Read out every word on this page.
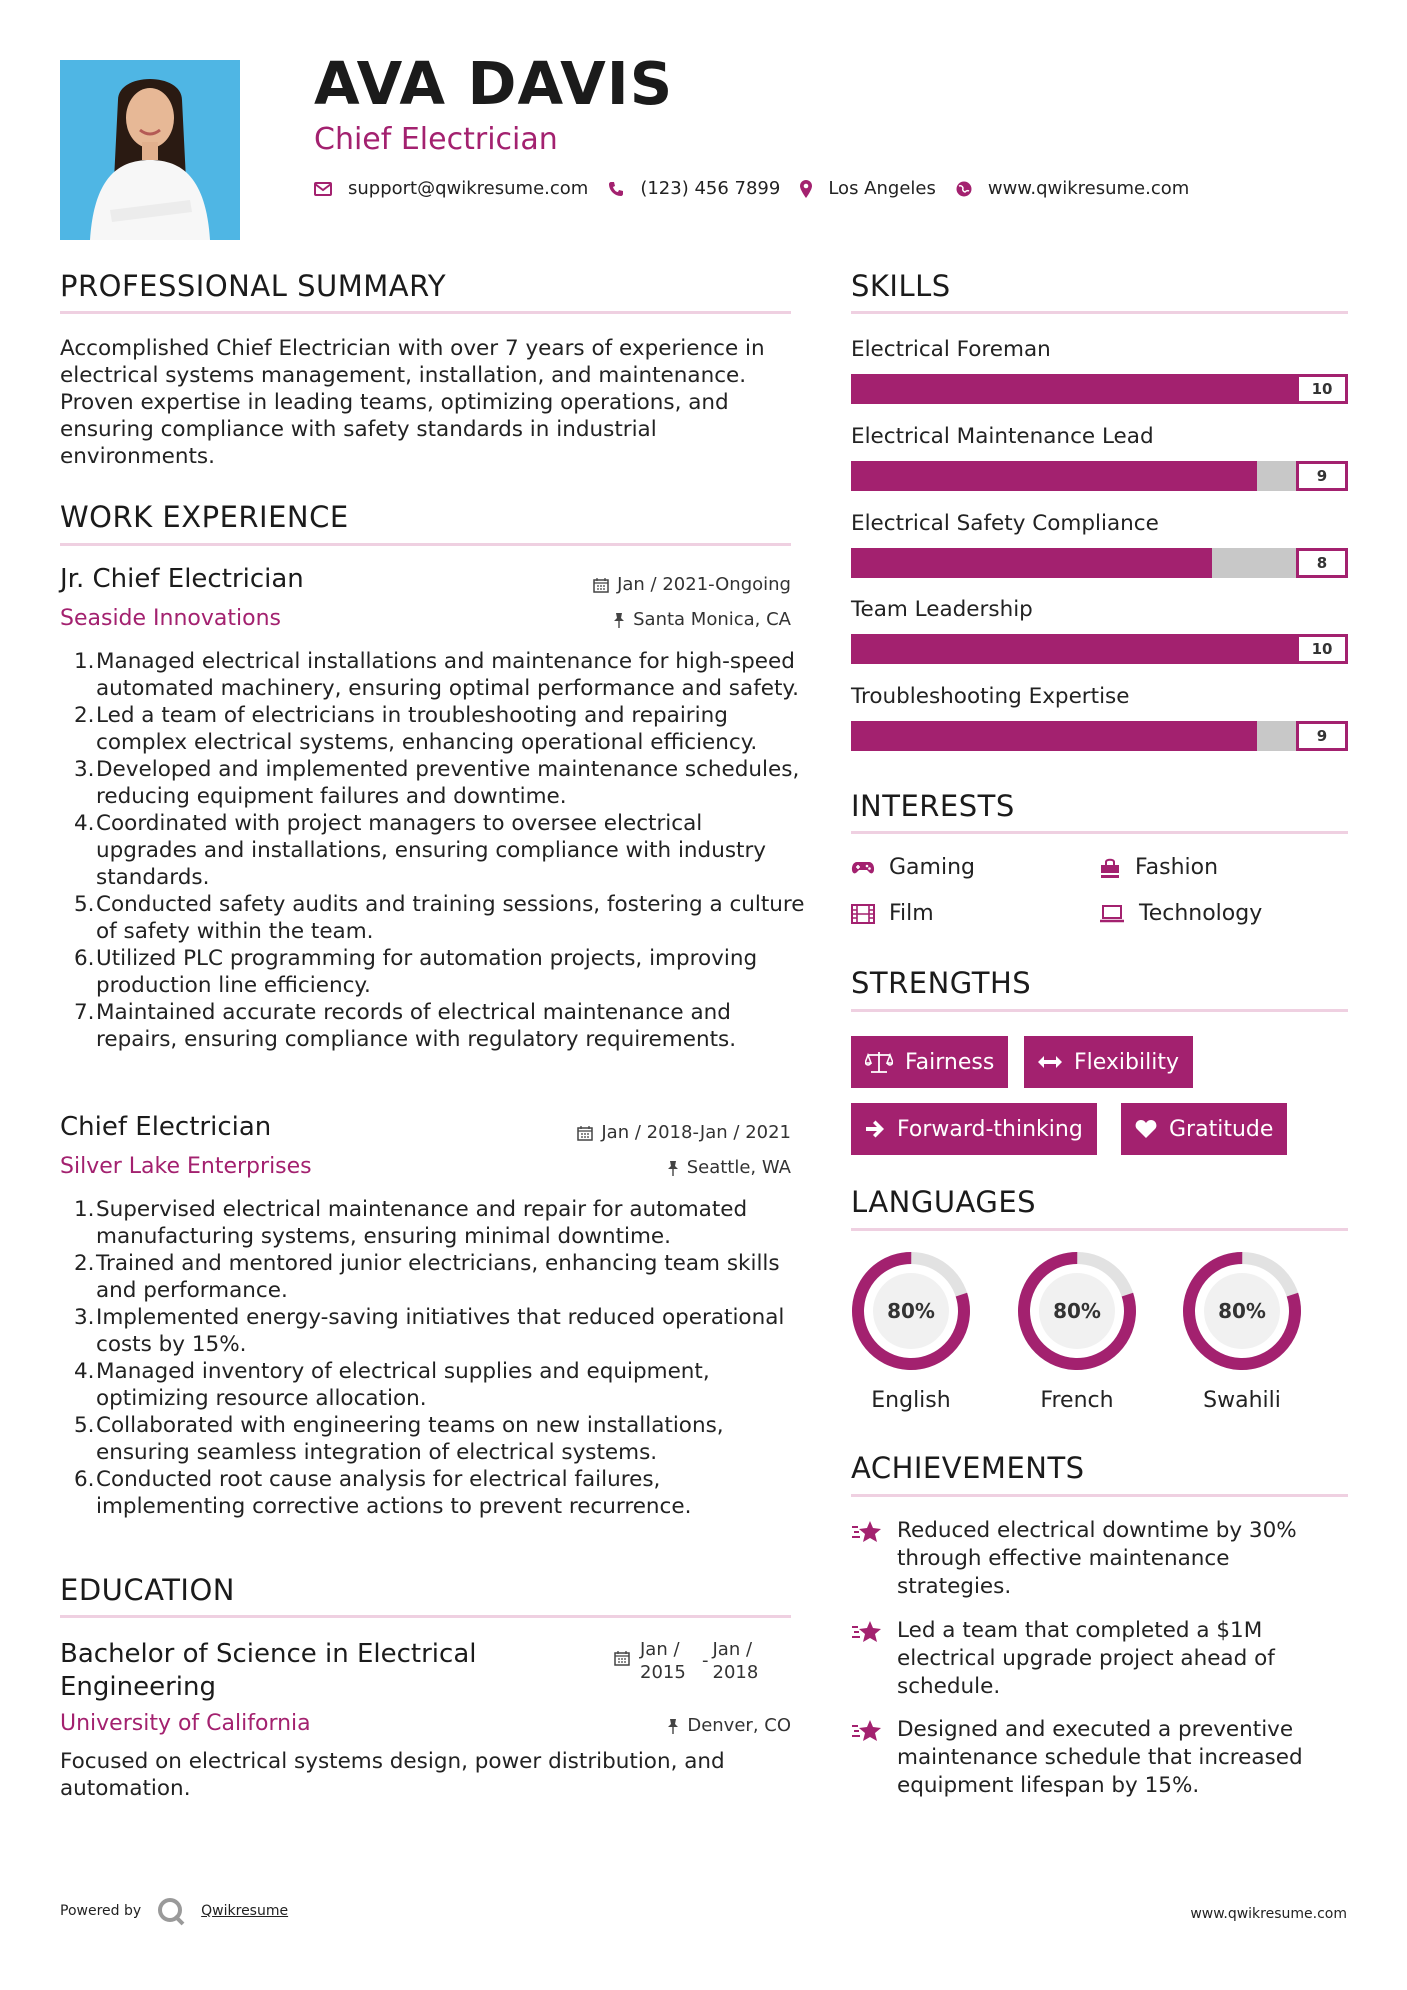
AVA DAVIS
Chief Electrician
support@qwikresume.com	(123) 456 7899	Los Angeles	www.qwikresume.com
PROFESSIONAL SUMMARY
Accomplished Chief Electrician with over 7 years of experience in electrical systems management, installation, and maintenance. Proven expertise in leading teams, optimizing operations, and ensuring compliance with safety standards in industrial environments.
WORK EXPERIENCE
Jr. Chief Electrician	Jan / 2021-Ongoing
Seaside Innovations	Santa Monica, CA
1. Managed electrical installations and maintenance for high-speed automated machinery, ensuring optimal performance and safety.
2. Led a team of electricians in troubleshooting and repairing complex electrical systems, enhancing operational efficiency.
3. Developed and implemented preventive maintenance schedules, reducing equipment failures and downtime.
4. Coordinated with project managers to oversee electrical upgrades and installations, ensuring compliance with industry standards.
5. Conducted safety audits and training sessions, fostering a culture of safety within the team.
6. Utilized PLC programming for automation projects, improving production line efficiency.
7. Maintained accurate records of electrical maintenance and repairs, ensuring compliance with regulatory requirements.
Chief Electrician	Jan / 2018-Jan / 2021
Silver Lake Enterprises	Seattle, WA
1. Supervised electrical maintenance and repair for automated manufacturing systems, ensuring minimal downtime.
2. Trained and mentored junior electricians, enhancing team skills and performance.
3. Implemented energy-saving initiatives that reduced operational costs by 15%.
4. Managed inventory of electrical supplies and equipment, optimizing resource allocation.
5. Collaborated with engineering teams on new installations, ensuring seamless integration of electrical systems.
6. Conducted root cause analysis for electrical failures, implementing corrective actions to prevent recurrence.
EDUCATION
Bachelor of Science in Electrical Engineering
Jan / 2015
-
Jan / 2018
University of California	Denver, CO
Focused on electrical systems design, power distribution, and automation.
SKILLS
Electrical Foreman
10
Electrical Maintenance Lead
9
Electrical Safety Compliance
8
Team Leadership
10
Troubleshooting Expertise
9
INTERESTS
Gaming	Fashion
Film	Technology
STRENGTHS
Fairness	Flexibility
Forward-thinking	Gratitude
LANGUAGES
80%
English
80%
French
80%
Swahili
ACHIEVEMENTS
Reduced electrical downtime by 30% through effective maintenance strategies.
Led a team that completed a $1M electrical upgrade project ahead of schedule.
Designed and executed a preventive maintenance schedule that increased equipment lifespan by 15%.
Powered by	Qwikresume	www.qwikresume.com
